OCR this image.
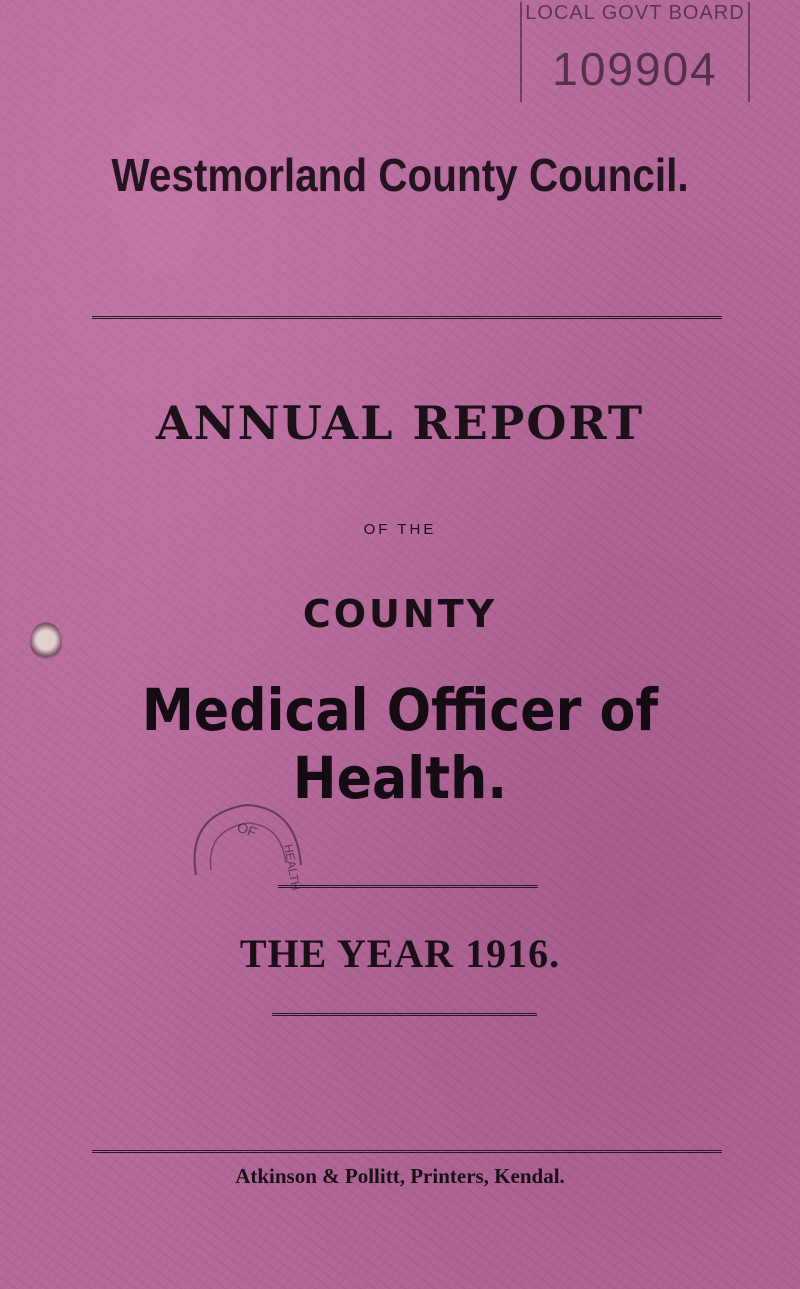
LOCAL GOVT BOARD
109904
Westmorland County Council.
ANNUAL REPORT
OF THE
COUNTY
Medical Officer of Health.
OF
HEALTH
THE YEAR 1916.
Atkinson & Pollitt, Printers, Kendal.
